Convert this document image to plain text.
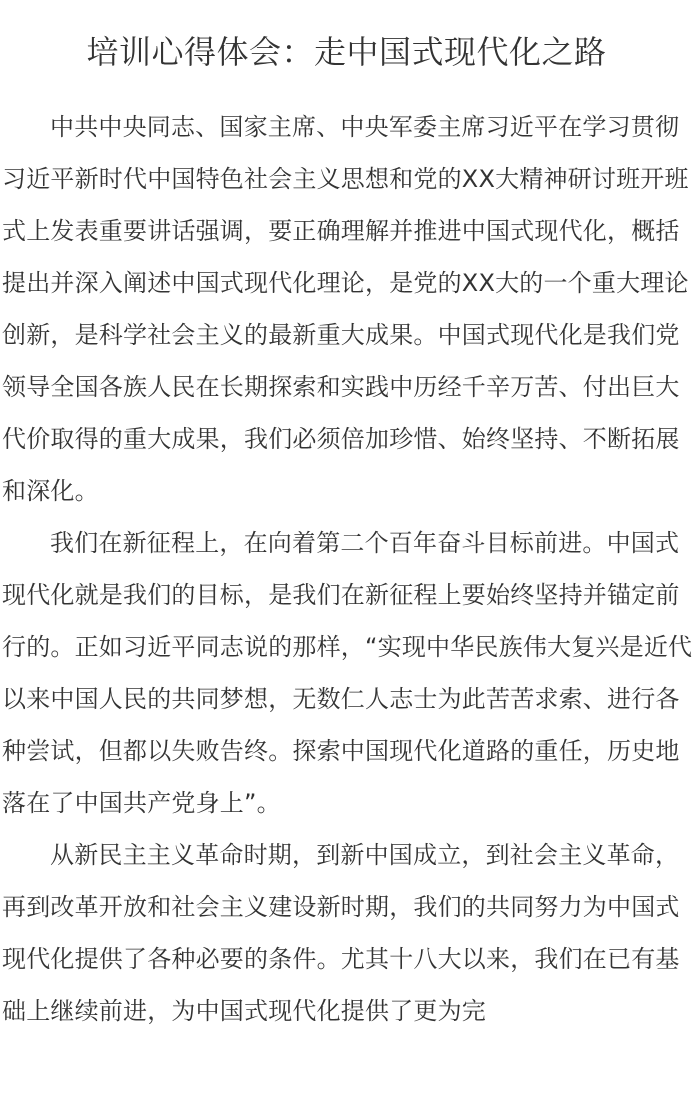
培训心得体会：走中国式现代化之路

中共中央同志、国家主席、中央军委主席习近平在学习贯彻习近平新时代中国特色社会主义思想和党的XX大精神研讨班开班式上发表重要讲话强调，要正确理解并推进中国式现代化，概括提出并深入阐述中国式现代化理论，是党的XX大的一个重大理论创新，是科学社会主义的最新重大成果。中国式现代化是我们党领导全国各族人民在长期探索和实践中历经千辛万苦、付出巨大代价取得的重大成果，我们必须倍加珍惜、始终坚持、不断拓展和深化。

我们在新征程上，在向着第二个百年奋斗目标前进。中国式现代化就是我们的目标，是我们在新征程上要始终坚持并锚定前行的。正如习近平同志说的那样，“实现中华民族伟大复兴是近代以来中国人民的共同梦想，无数仁人志士为此苦苦求索、进行各种尝试，但都以失败告终。探索中国现代化道路的重任，历史地落在了中国共产党身上”。

从新民主主义革命时期，到新中国成立，到社会主义革命，再到改革开放和社会主义建设新时期，我们的共同努力为中国式现代化提供了各种必要的条件。尤其十八大以来，我们在已有基础上继续前进，为中国式现代化提供了更为完
